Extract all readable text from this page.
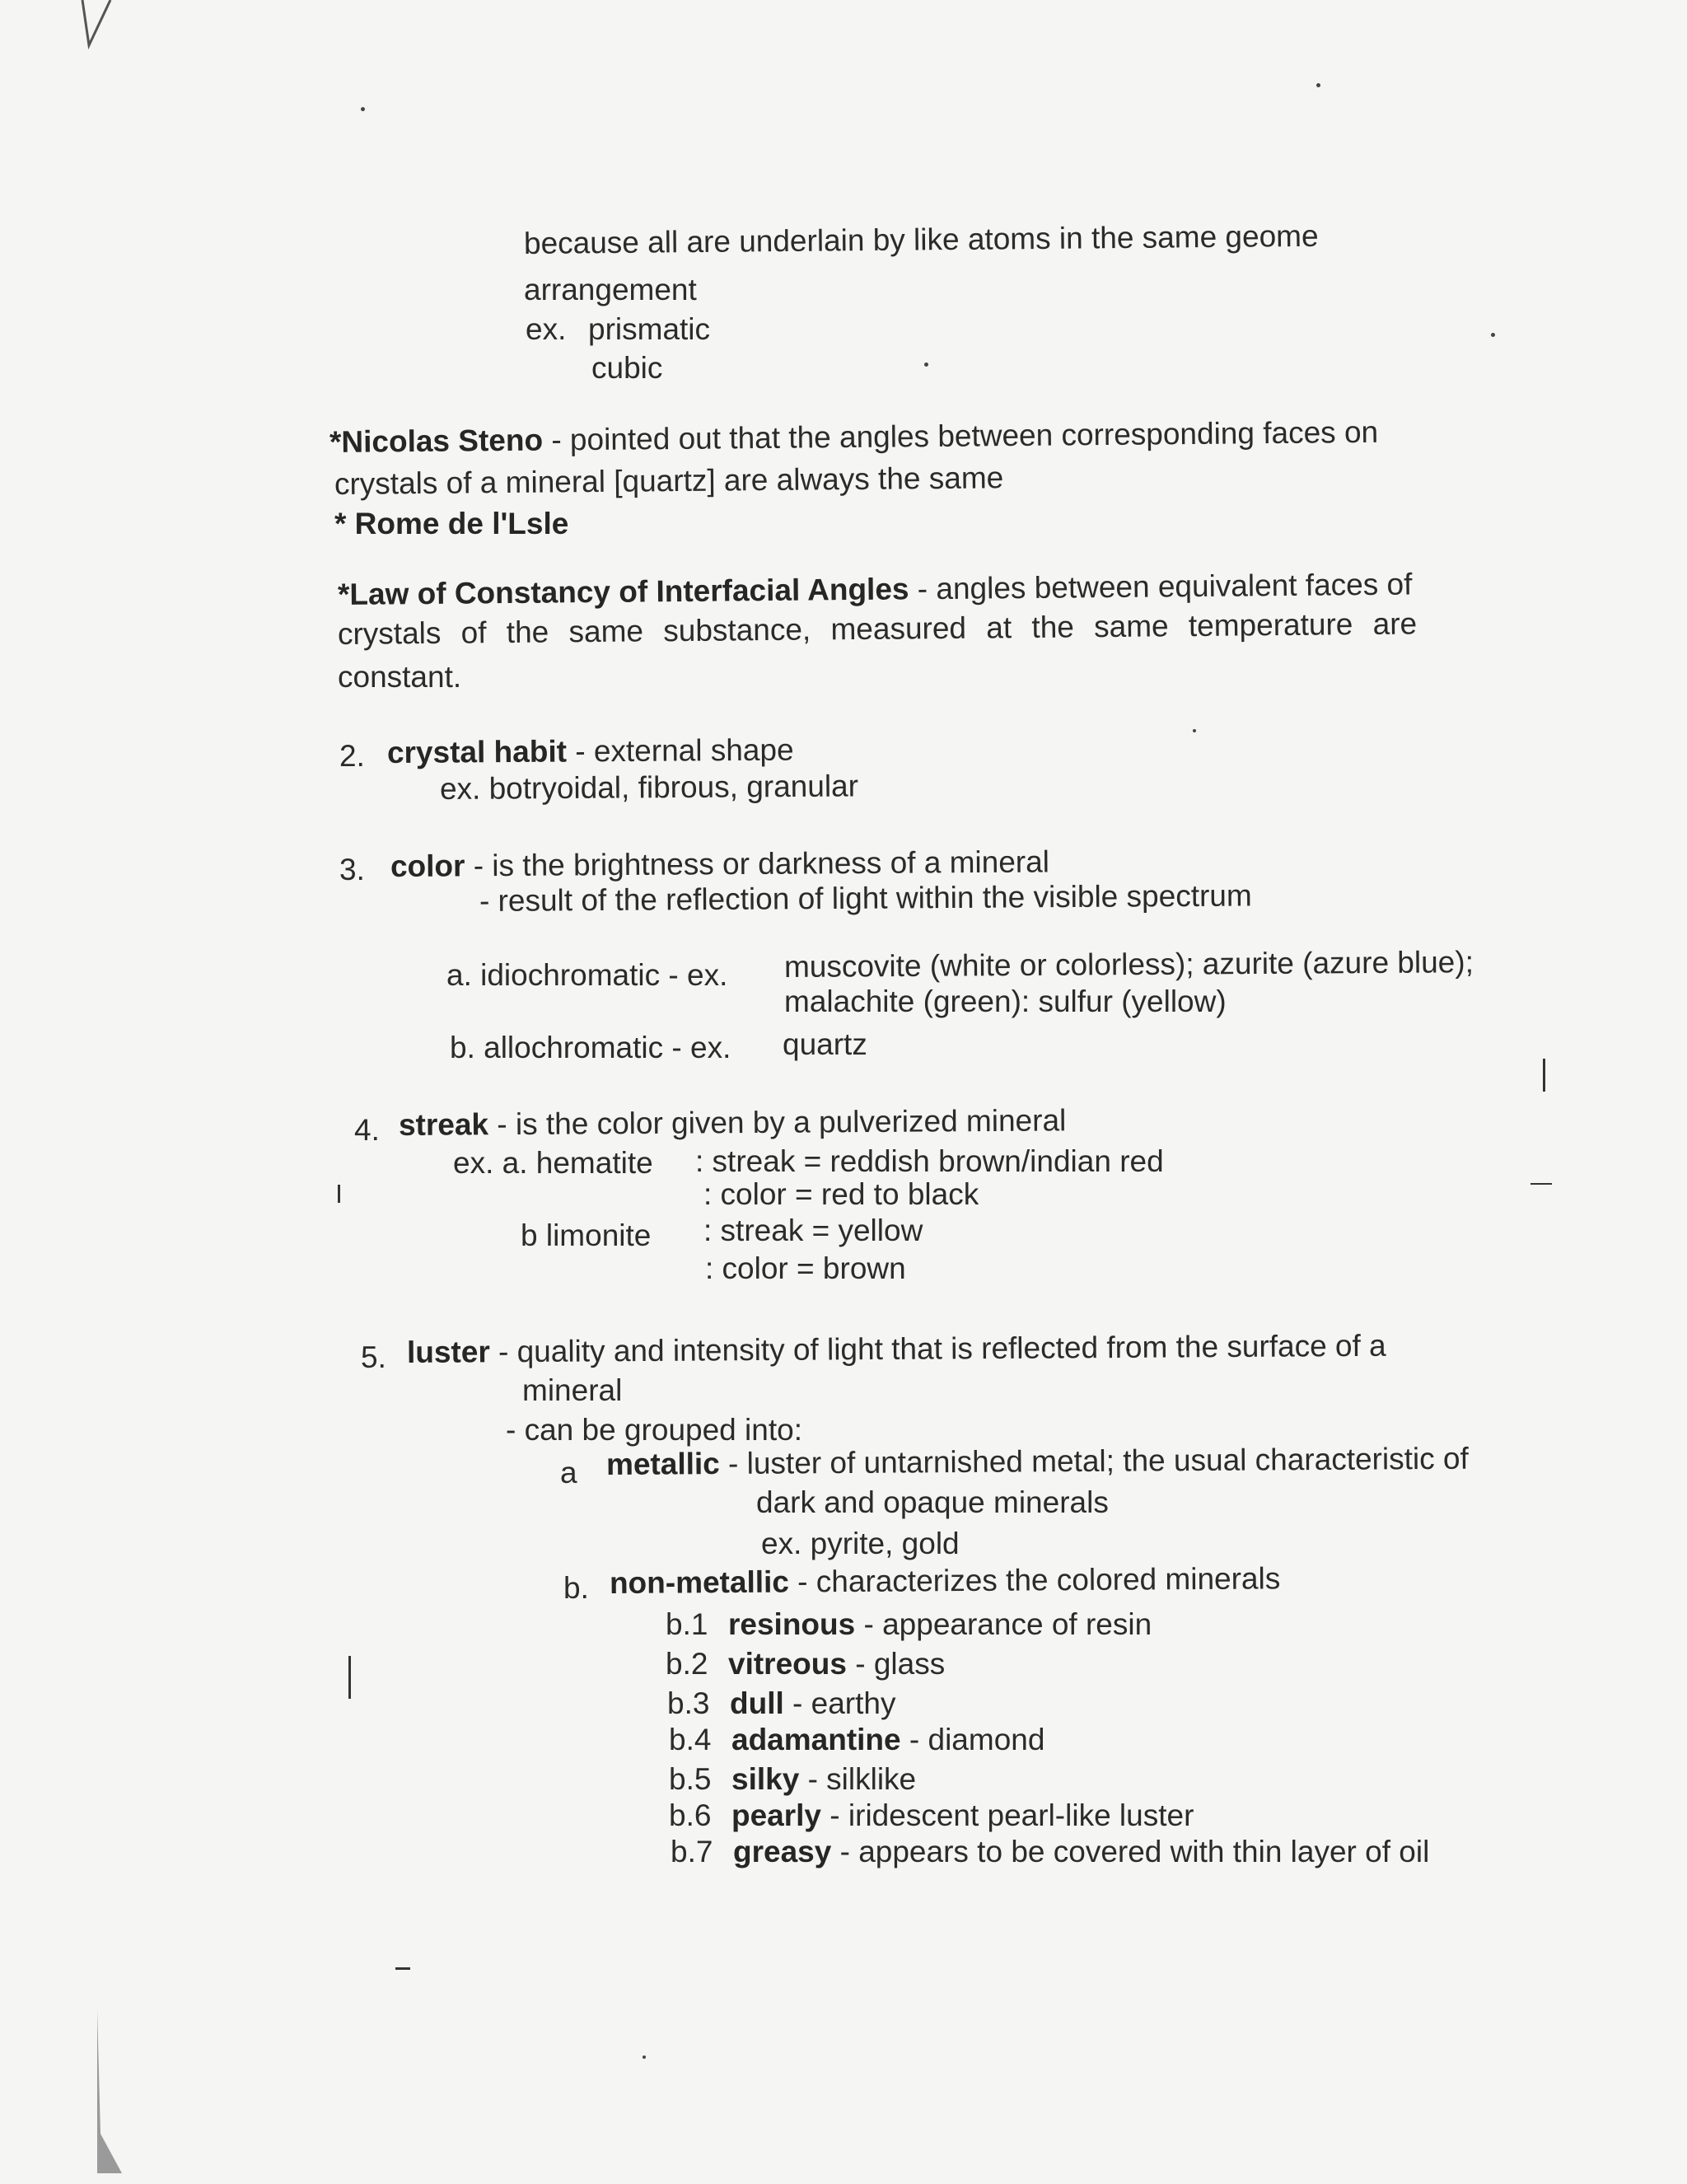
because all are underlain by like atoms in the same geome
arrangement
ex. prismatic
cubic
*Nicolas Steno - pointed out that the angles between corresponding faces on
crystals of a mineral [quartz] are always the same
* Rome de l'Lsle
*Law of Constancy of Interfacial Angles - angles between equivalent faces of
crystals of the same substance, measured at the same temperature are
constant.
2. crystal habit - external shape
ex. botryoidal, fibrous, granular
3. color - is the brightness or darkness of a mineral
- result of the reflection of light within the visible spectrum
a. idiochromatic - ex. muscovite (white or colorless); azurite (azure blue);
malachite (green): sulfur (yellow)
b. allochromatic - ex. quartz
4. streak - is the color given by a pulverized mineral
ex. a. hematite : streak = reddish brown/indian red
: color = red to black
b limonite : streak = yellow
: color = brown
5. luster - quality and intensity of light that is reflected from the surface of a
mineral
- can be grouped into:
a metallic - luster of untarnished metal; the usual characteristic of
dark and opaque minerals
ex. pyrite, gold
b. non-metallic - characterizes the colored minerals
b.1 resinous - appearance of resin
b.2 vitreous - glass
b.3 dull - earthy
b.4 adamantine - diamond
b.5 silky - silklike
b.6 pearly - iridescent pearl-like luster
b.7 greasy - appears to be covered with thin layer of oil
